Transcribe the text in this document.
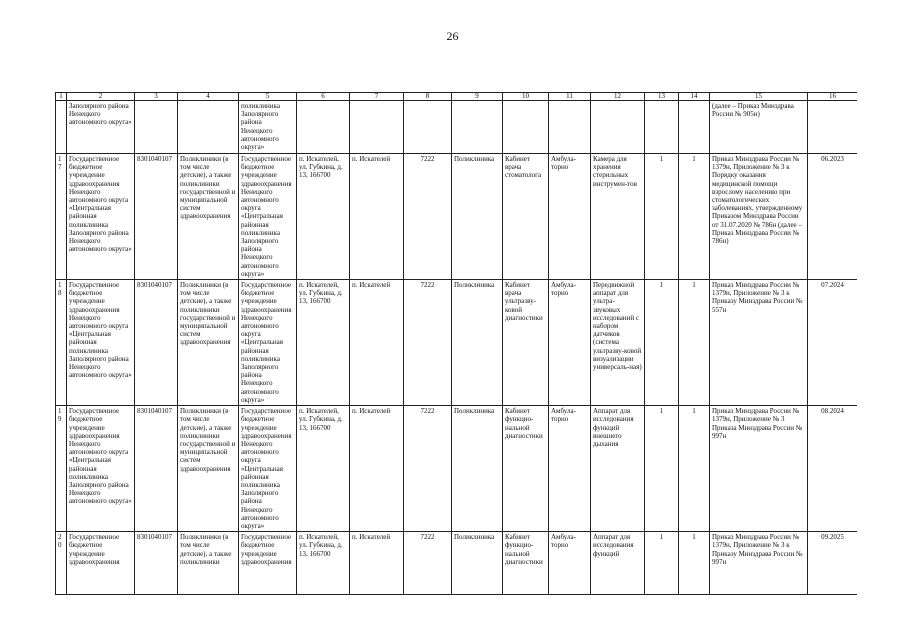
26
1	2	3	4	5	6	7	8	9	10	11	12	13	14	15	16
	Заполярного района Ненецкого автономного округа»			поликлиника Заполярного района Ненецкого автономного округа»										(далее – Приказ Минздрава России № 905н)	
17	Государственное бюджетное учреждение здравоохранения Ненецкого автономного округа «Центральная районная поликлиника Заполярного района Ненецкого автономного округа»	8301040107	Поликлиники (в том числе детские), а также поликлиники государственной и муниципальной систем здравоохранения	Государственное бюджетное учреждение здравоохранения Ненецкого автономного округа «Центральная районная поликлиника Заполярного района Ненецкого автономного округа»	п. Искателей, ул. Губкина, д. 13, 166700	п. Искателей	7222	Поликлиника	Кабинет врача стоматолога	Амбула-торно	Камера для хранения стерильных инструмен-тов	1	1	Приказ Минздрава России № 1379н, Приложение № 3 к Порядку оказания медицинской помощи взрослому населению при стоматологических заболеваниях, утвержденному Приказом Минздрава России от 31.07.2020 № 786н (далее – Приказ Минздрава России № 786н)	06.2023
18	Государственное бюджетное учреждение здравоохранения Ненецкого автономного округа «Центральная районная поликлиника Заполярного района Ненецкого автономного округа»	8301040107	Поликлиники (в том числе детские), а также поликлиники государственной и муниципальной систем здравоохранения	Государственное бюджетное учреждение здравоохранения Ненецкого автономного округа «Центральная районная поликлиника Заполярного района Ненецкого автономного округа»	п. Искателей, ул. Губкина, д. 13, 166700	п. Искателей	7222	Поликлиника	Кабинет врача ультразву-ковой диагностики	Амбула-торно	Передвижной аппарат для ультра-звуковых исследований с набором датчиков (система ультразву-ковой визуализации универсаль-ная)	1	1	Приказ Минздрава России № 1379н, Приложение № 3 к Приказу Минздрава России № 557н	07.2024
19	Государственное бюджетное учреждение здравоохранения Ненецкого автономного округа «Центральная районная поликлиника Заполярного района Ненецкого автономного округа»	8301040107	Поликлиники (в том числе детские), а также поликлиники государственной и муниципальной систем здравоохранения	Государственное бюджетное учреждение здравоохранения Ненецкого автономного округа «Центральная районная поликлиника Заполярного района Ненецкого автономного округа»	п. Искателей, ул. Губкина, д. 13, 166700	п. Искателей	7222	Поликлиника	Кабинет функцио-нальной диагностики	Амбула-торно	Аппарат для исследования функций внешнего дыхания	1	1	Приказ Минздрава России № 1379н, Приложение № 3 Приказа Минздрава России № 997н	08.2024
20	Государственное бюджетное учреждение здравоохранения	8301040107	Поликлиники (в том числе детские), а также поликлиники	Государственное бюджетное учреждение здравоохранения	п. Искателей, ул. Губкина, д. 13, 166700	п. Искателей	7222	Поликлиника	Кабинет функцио-нальной диагностики	Амбула-торно	Аппарат для исследования функций	1	1	Приказ Минздрава России № 1379н, Приложение № 3 к Приказу Минздрава России № 997н	09.2025
